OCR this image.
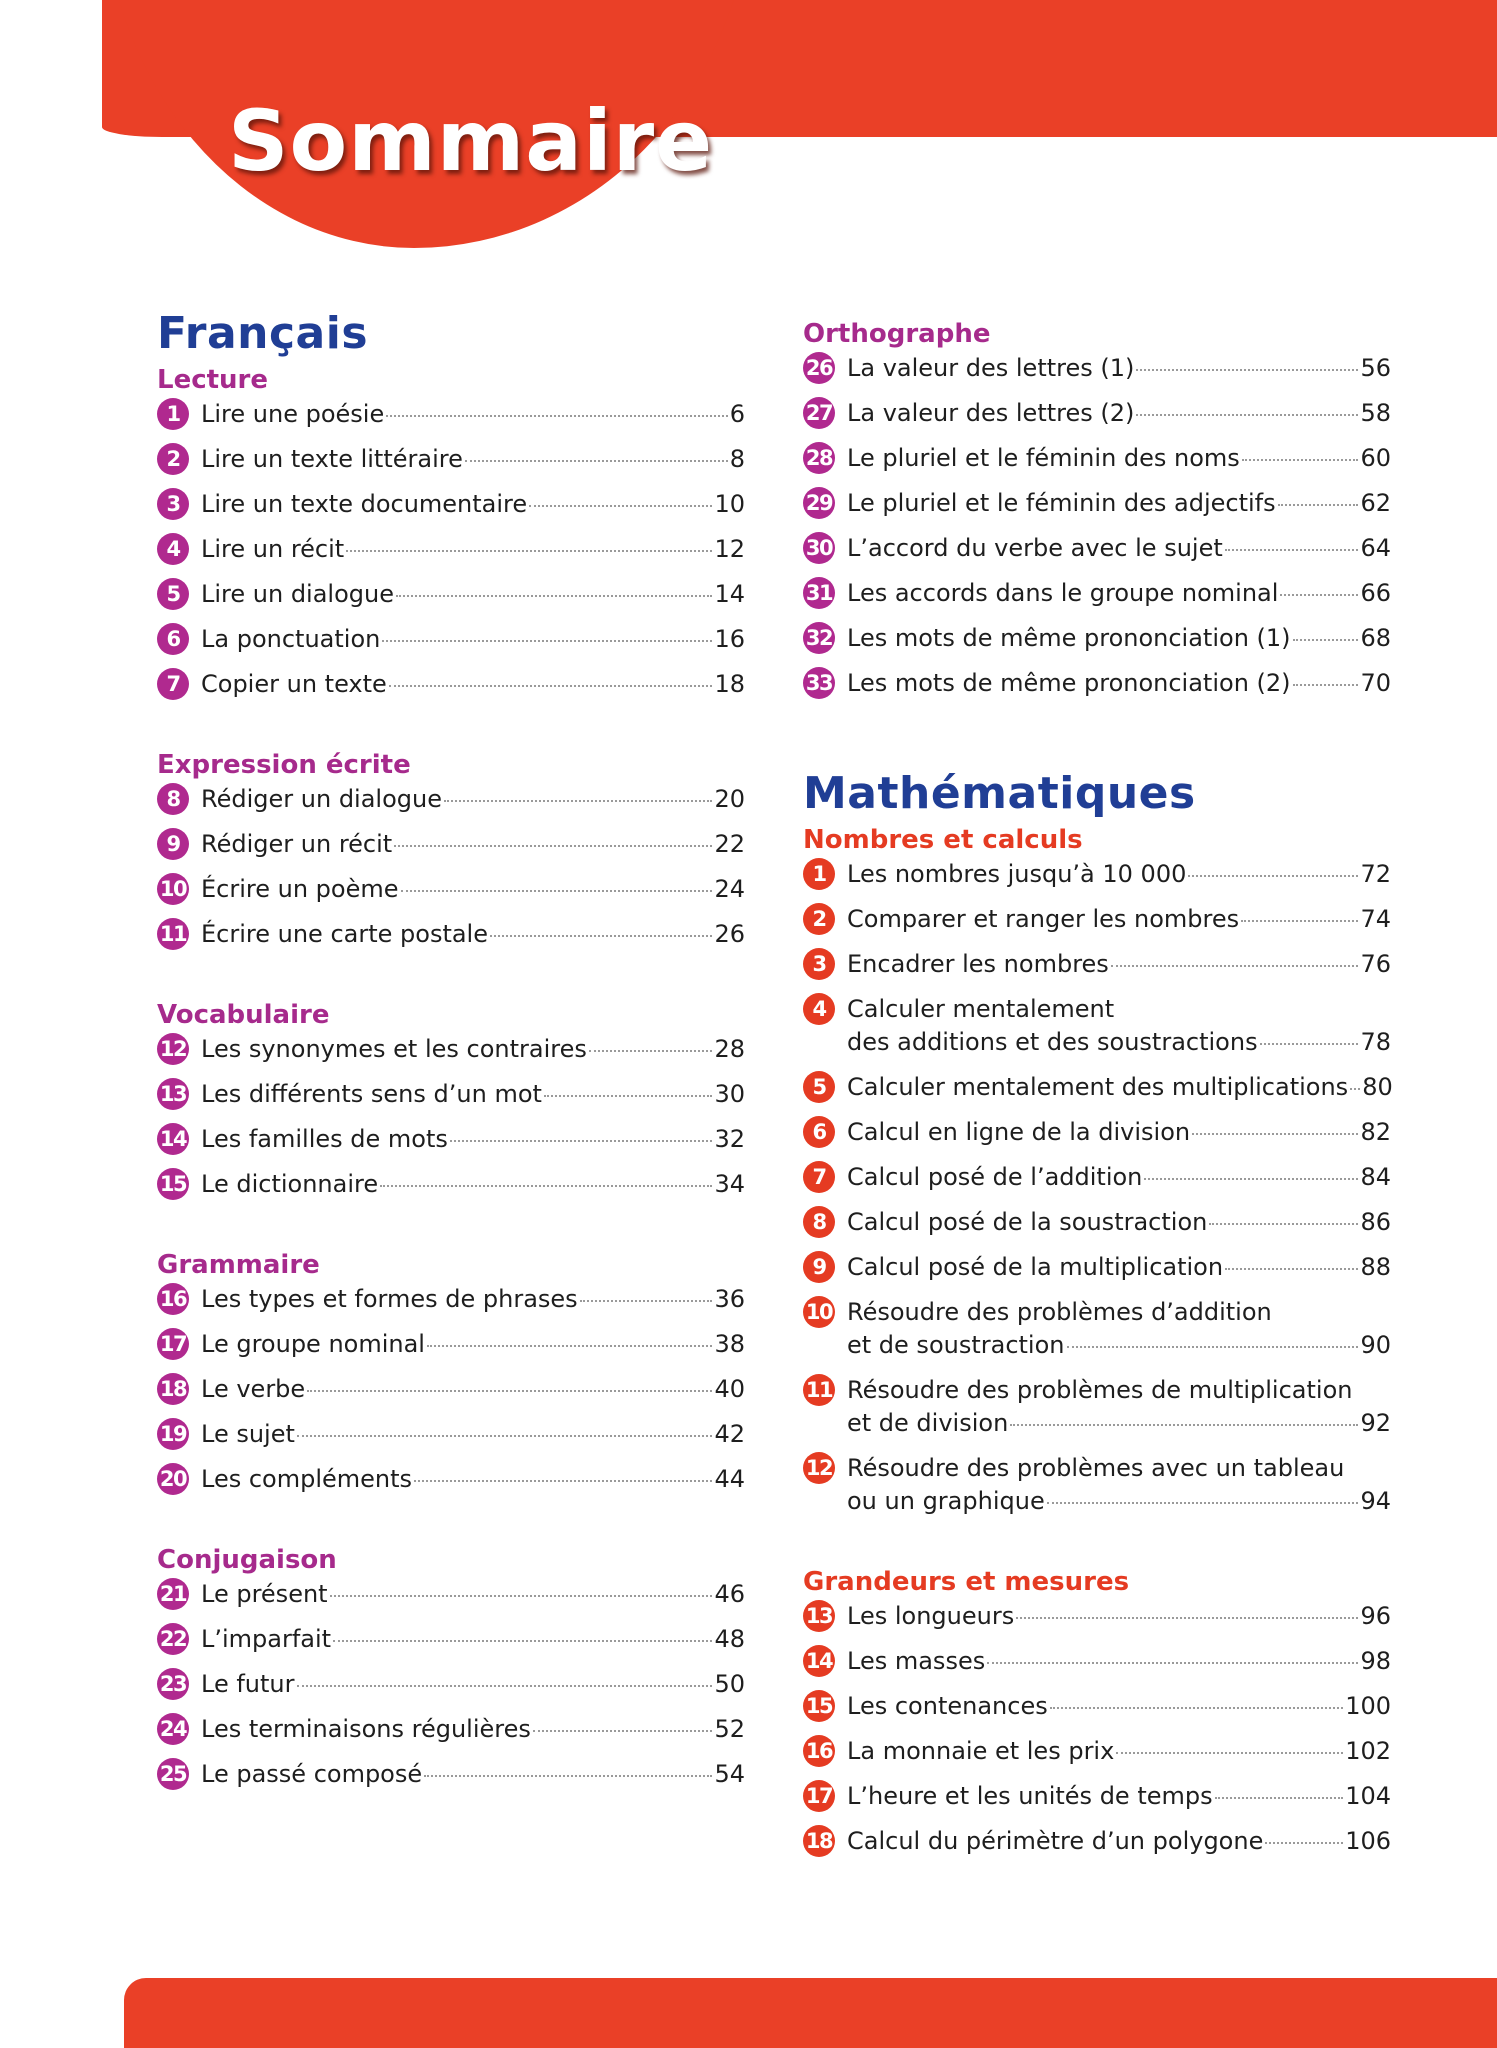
Sommaire
Français
Lecture
1 Lire une poésie	6
2 Lire un texte littéraire	8
3 Lire un texte documentaire	10
4 Lire un récit	12
5 Lire un dialogue	14
6 La ponctuation	16
7 Copier un texte	18
Expression écrite
8 Rédiger un dialogue	20
9 Rédiger un récit	22
10 Écrire un poème	24
11 Écrire une carte postale	26
Vocabulaire
12 Les synonymes et les contraires	28
13 Les différents sens d’un mot	30
14 Les familles de mots	32
15 Le dictionnaire	34
Grammaire
16 Les types et formes de phrases	36
17 Le groupe nominal	38
18 Le verbe	40
19 Le sujet	42
20 Les compléments	44
Conjugaison
21 Le présent	46
22 L’imparfait	48
23 Le futur	50
24 Les terminaisons régulières	52
25 Le passé composé	54
Orthographe
26 La valeur des lettres (1)	56
27 La valeur des lettres (2)	58
28 Le pluriel et le féminin des noms	60
29 Le pluriel et le féminin des adjectifs	62
30 L’accord du verbe avec le sujet	64
31 Les accords dans le groupe nominal	66
32 Les mots de même prononciation (1)	68
33 Les mots de même prononciation (2)	70
Mathématiques
Nombres et calculs
1 Les nombres jusqu’à 10 000	72
2 Comparer et ranger les nombres	74
3 Encadrer les nombres	76
4 Calculer mentalement
des additions et des soustractions	78
5 Calculer mentalement des multiplications 80
6 Calcul en ligne de la division	82
7 Calcul posé de l’addition	84
8 Calcul posé de la soustraction	86
9 Calcul posé de la multiplication	88
10 Résoudre des problèmes d’addition
et de soustraction	90
11 Résoudre des problèmes de multiplication
et de division	92
12 Résoudre des problèmes avec un tableau
ou un graphique	94
Grandeurs et mesures
13 Les longueurs	96
14 Les masses	98
15 Les contenances	100
16 La monnaie et les prix	102
17 L’heure et les unités de temps	104
18 Calcul du périmètre d’un polygone	106
